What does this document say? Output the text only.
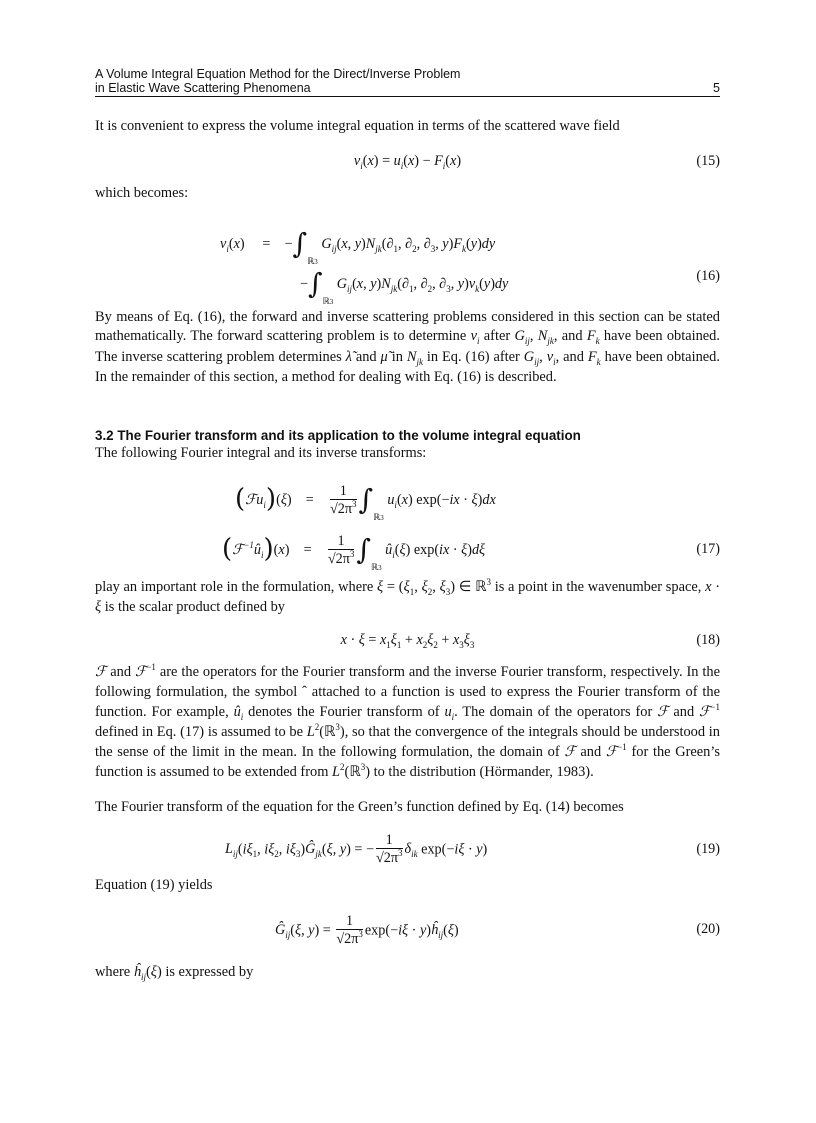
A Volume Integral Equation Method for the Direct/Inverse Problem
in Elastic Wave Scattering Phenomena	5

It is convenient to express the volume integral equation in terms of the scattered wave field

$v_i(x) = u_i(x) - F_i(x)$	(15)

which becomes:

$v_i(x)$     =    $-\int_{ℝ3}$ $G_{ij}(x$, $y)N_{jk}(\partial_1$, $\partial_2$, $\partial_3$, $y)F_k(y)dy$
$-\int_{ℝ3}$ $G_{ij}(x$, $y)N_{jk}(\partial_1$, $\partial_2$, $\partial_3$, $y)v_k(y)dy$	(16)

By means of Eq. (16), the forward and inverse scattering problems considered in this section can be stated mathematically. The forward scattering problem is to determine $v_i$ after $G_{ij}$, $N_{jk}$, and $F_k$ have been obtained. The inverse scattering problem determines λ̃ and μ̃ in $N_{jk}$ in Eq. (16) after $G_{ij}$, $v_i$, and $F_k$ have been obtained. In the remainder of this section, a method for dealing with Eq. (16) is described.

3.2 The Fourier transform and its application to the volume integral equation

The following Fourier integral and its inverse transforms:

(ℱu$_i$)(ξ)    = $\frac{1}{√2\pi^3} \int_{ℝ3}$ $u_i(x) \exp(-ix \cdot \xi)dx$
$(ℱ^{-1}û_i)(x)$    = $\frac{1}{√2\pi^3} \int_{ℝ3}$ $û_i(\xi) \exp(ix \cdot \xi)d\xi$	(17)

play an important role in the formulation, where $\xi = (\xi_1$, $\xi_2$, $\xi_3$) ∈ ℝ$^3$ is a point in the wavenumber space, x · ξ is the scalar product defined by

$x \cdot \xi = x_1\xi_1 + x_2\xi_2 + x_3\xi_3$	(18)

ℱ and ℱ$^{-1}$ are the operators for the Fourier transform and the inverse Fourier transform, respectively. In the following formulation, the symbol ˆ attached to a function is used to express the Fourier transform of the function. For example, $û_i$ denotes the Fourier transform of $u_i$. The domain of the operators for ℱ and ℱ$^{-1}$ defined in Eq. (17) is assumed to be $L^2(ℝ^3)$, so that the convergence of the integrals should be understood in the sense of the limit in the mean. In the following formulation, the domain of ℱ and ℱ$^{-1}$ for the Green’s function is assumed to be extended from $L^2(ℝ^3)$ to the distribution (Hörmander, 1983).

The Fourier transform of the equation for the Green’s function defined by Eq. (14) becomes

$L_{ij}(i\xi_1$, $i\xi_2$, $i\xi_3)Ĝ_{jk}(\xi$, y) = − $\frac{1}{√2\pi^3} \delta_{ik}$ exp(−iξ · y)	(19)

Equation (19) yields

$Ĝ_{ij}(\xi$, $y) = \frac{1}{√2\pi^3} \exp(-i\xi$ · $y)ĥ_{ij}(\xi)$	(20)

where $ĥ_{ij}(\xi)$ is expressed by
